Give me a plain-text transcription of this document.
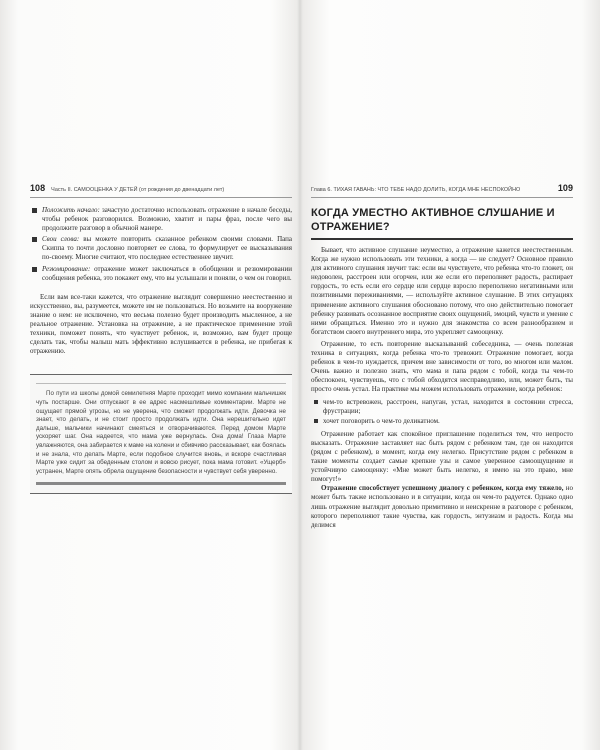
108 Часть II. САМООЦЕНКА У ДЕТЕЙ (от рождения до двенадцати лет)
Положить начало: зачастую достаточно использовать отражение в начале беседы, чтобы ребенок разговорился. Возможно, хватит и пары фраз, после чего вы продолжите разговор в обычной манере.
Свои слова: вы можете повторить сказанное ребенком своими словами. Папа Скиппа то почти дословно повторяет ее слова, то формулирует ее высказывания по-своему. Многие считают, что последнее естественнее звучит.
Резюмирование: отражение может заключаться в обобщении и резюмировании сообщения ребенка, это покажет ему, что вы услышали и поняли, о чем он говорил.

Если вам все-таки кажется, что отражение выглядит совершенно неестественно и искусственно, вы, разумеется, можете им не пользоваться. Но возьмите на вооружение знание о нем: не исключено, что весьма полезно будет производить мысленное, а не реальное отражение. Установка на отражение, а не практическое применение этой техники, поможет понять, что чувствует ребенок, и, возможно, вам будет проще сделать так, чтобы малыш мать эффективно вслушивается в ребенка, не прибегая к отражению.

По пути из школы домой семилетняя Марте проходит мимо компании мальчишек чуть постарше. Они отпускают в ее адрес насмешливые комментарии. Марте не ощущает прямой угрозы, но не уверена, что сможет продолжать идти. Девочка не знает, что делать, и не стоит просто продолжать идти. Она нерешительно идет дальше, мальчики начинают смеяться и отворачиваются. Перед домом Марте ускоряет шаг. Она надеется, что мама уже вернулась. Она дома! Глаза Марте увлажняются, она забирается к маме на колени и сбивчиво рассказывает, как боялась и не знала, что делать Марте, если подобное случится вновь, и вскоре счастливая Марте уже сидит за обеденным столом и вовсю рисует, пока мама готовит. «Ущерб» устранен, Марте опять обрела ощущение безопасности и чувствует себя уверенно.

Глава 6. ТИХАЯ ГАВАНЬ: ЧТО ТЕБЕ НАДО ДОЛИТЬ, КОГДА МНЕ НЕСПОКОЙНО	109
КОГДА УМЕСТНО АКТИВНОЕ СЛУШАНИЕ И ОТРАЖЕНИЕ?

Бывает, что активное слушание неуместно, а отражение кажется неестественным. Когда же нужно использовать эти техники, а когда — не следует? Основное правило для активного слушания звучит так: если вы чувствуете, что ребенка что-то гложет, он недоволен, расстроен или огорчен, или же если его переполняет радость, распирает гордость, то есть если его сердце или сердце взросло переполнено негативными или позитивными переживаниями, — используйте активное слушание. В этих ситуациях применение активного слушания обосновано потому, что оно действительно помогает ребенку развивать осознанное восприятие своих ощущений, эмоций, чувств и умение с ними обращаться. Именно это и нужно для знакомства со всем разнообразием и богатством своего внутреннего мира, это укрепляет самооценку.

Отражение, то есть повторение высказываний собеседника, — очень полезная техника в ситуациях, когда ребенка что-то тревожит. Отражение помогает, когда ребенок в чем-то нуждается, причем вне зависимости от того, во многом или малом. Очень важно и полезно знать, что мама и папа рядом с тобой, когда ты чем-то обеспокоен, чувствуешь, что с тобой обходятся несправедливо, или, может быть, ты просто очень устал. На практике мы можем использовать отражение, когда ребенок:

чем-то встревожен, расстроен, напуган, устал, находится в состоянии стресса, фрустрации;
хочет поговорить о чем-то деликатном.

Отражение работает как спокойное приглашение поделиться тем, что непросто высказать. Отражение заставляет нас быть рядом с ребенком там, где он находится (рядом с ребенком), в момент, когда ему нелегко. Присутствие рядом с ребенком в такие моменты создает самые крепкие узы и самое уверенное самоощущение и устойчивую самооценку: «Мне может быть нелегко, я имею на это право, мне помогут!»

Отражение способствует успешному диалогу с ребенком, когда ему тяжело, но может быть также использовано и в ситуации, когда он чем-то радуется. Однако одно лишь отражение выглядит довольно примитивно и неискренне в разговоре с ребенком, которого переполняют такие чувства, как гордость, энтузиазм и радость. Когда мы делимся
